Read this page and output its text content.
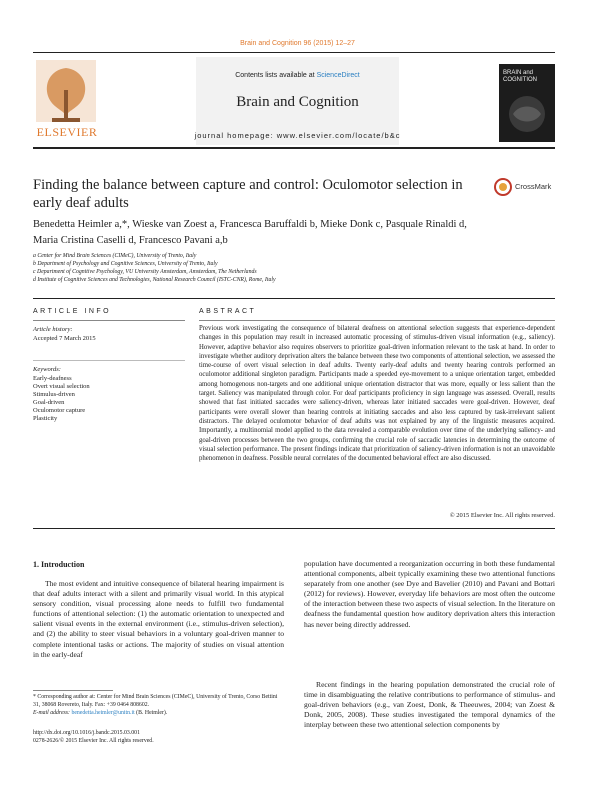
Brain and Cognition 96 (2015) 12–27
ELSEVIER
Contents lists available at ScienceDirect
Brain and Cognition
journal homepage: www.elsevier.com/locate/b&c
BRAIN and
COGNITION
Finding the balance between capture and control: Oculomotor selection in early deaf adults
CrossMark
Benedetta Heimler a,*, Wieske van Zoest a, Francesca Baruffaldi b, Mieke Donk c, Pasquale Rinaldi d,
Maria Cristina Caselli d, Francesco Pavani a,b
a Center for Mind Brain Sciences (CIMeC), University of Trento, Italy
b Department of Psychology and Cognitive Sciences, University of Trento, Italy
c Department of Cognitive Psychology, VU University Amsterdam, Amsterdam, The Netherlands
d Institute of Cognitive Sciences and Technologies, National Research Council (ISTC-CNR), Rome, Italy
ARTICLE INFO
Article history:
Accepted 7 March 2015
Keywords:
Early-deafness
Overt visual selection
Stimulus-driven
Goal-driven
Oculomotor capture
Plasticity
ABSTRACT
Previous work investigating the consequence of bilateral deafness on attentional selection suggests that experience-dependent changes in this population may result in increased automatic processing of stimulus-driven visual information (e.g., saliency). However, adaptive behavior also requires observers to prioritize goal-driven information relevant to the task at hand. In order to investigate whether auditory deprivation alters the balance between these two components of attentional selection, we assessed the time-course of overt visual selection in deaf adults. Twenty early-deaf adults and twenty hearing controls performed an oculomotor additional singleton paradigm. Participants made a speeded eye-movement to a unique orientation target, embedded among homogenous non-targets and one additional unique orientation distractor that was more, equally or less salient than the target. Saliency was manipulated through color. For deaf participants proficiency in sign language was assessed. Overall, results showed that fast initiated saccades were saliency-driven, whereas later initiated saccades were goal-driven. However, deaf participants were overall slower than hearing controls at initiating saccades and also less captured by task-irrelevant salient distractors. The delayed oculomotor behavior of deaf adults was not explained by any of the linguistic measures acquired. Importantly, a multinomial model applied to the data revealed a comparable evolution over time of the underlying saliency- and goal-driven processes between the two groups, confirming the crucial role of saccadic latencies in determining the outcome of visual selection performance. The present findings indicate that prioritization of saliency-driven information is not an unavoidable phenomenon in deafness. Possible neural correlates of the documented behavioral effect are also discussed.
© 2015 Elsevier Inc. All rights reserved.
1. Introduction
The most evident and intuitive consequence of bilateral hearing impairment is that deaf adults interact with a silent and primarily visual world. In this atypical sensory condition, visual processing alone needs to fulfill two fundamental functions of attentional selection: (1) the automatic orientation to unexpected and salient visual events in the external environment (i.e., stimulus-driven selection), and (2) the ability to steer visual behaviors in a voluntary goal-driven manner to complete intentional tasks or actions. The majority of studies on visual attention in the early-deaf
population have documented a reorganization occurring in both these fundamental attentional components, albeit typically examining these two attentional functions separately from one another (see Dye and Bavelier (2010) and Pavani and Bottari (2012) for reviews). However, everyday life behaviors are most often the outcome of the interaction between these two aspects of visual selection. In the literature on deafness the fundamental question how auditory deprivation alters this interaction has never being directly addressed.
Recent findings in the hearing population demonstrated the crucial role of time in disambiguating the relative contributions to performance of stimulus- and goal-driven behaviors (e.g., van Zoest, Donk, & Theeuwes, 2004; van Zoest & Donk, 2005, 2008). These studies investigated the temporal dynamics of the interplay between these two attentional selection components by
* Corresponding author at: Center for Mind Brain Sciences (CIMeC), University of Trento, Corso Bettini 31, 38068 Rovereto, Italy. Fax: +39 0464 808602.
E-mail address: benedetta.heimler@unitn.it (B. Heimler).
http://dx.doi.org/10.1016/j.bandc.2015.03.001
0278-2626/© 2015 Elsevier Inc. All rights reserved.
